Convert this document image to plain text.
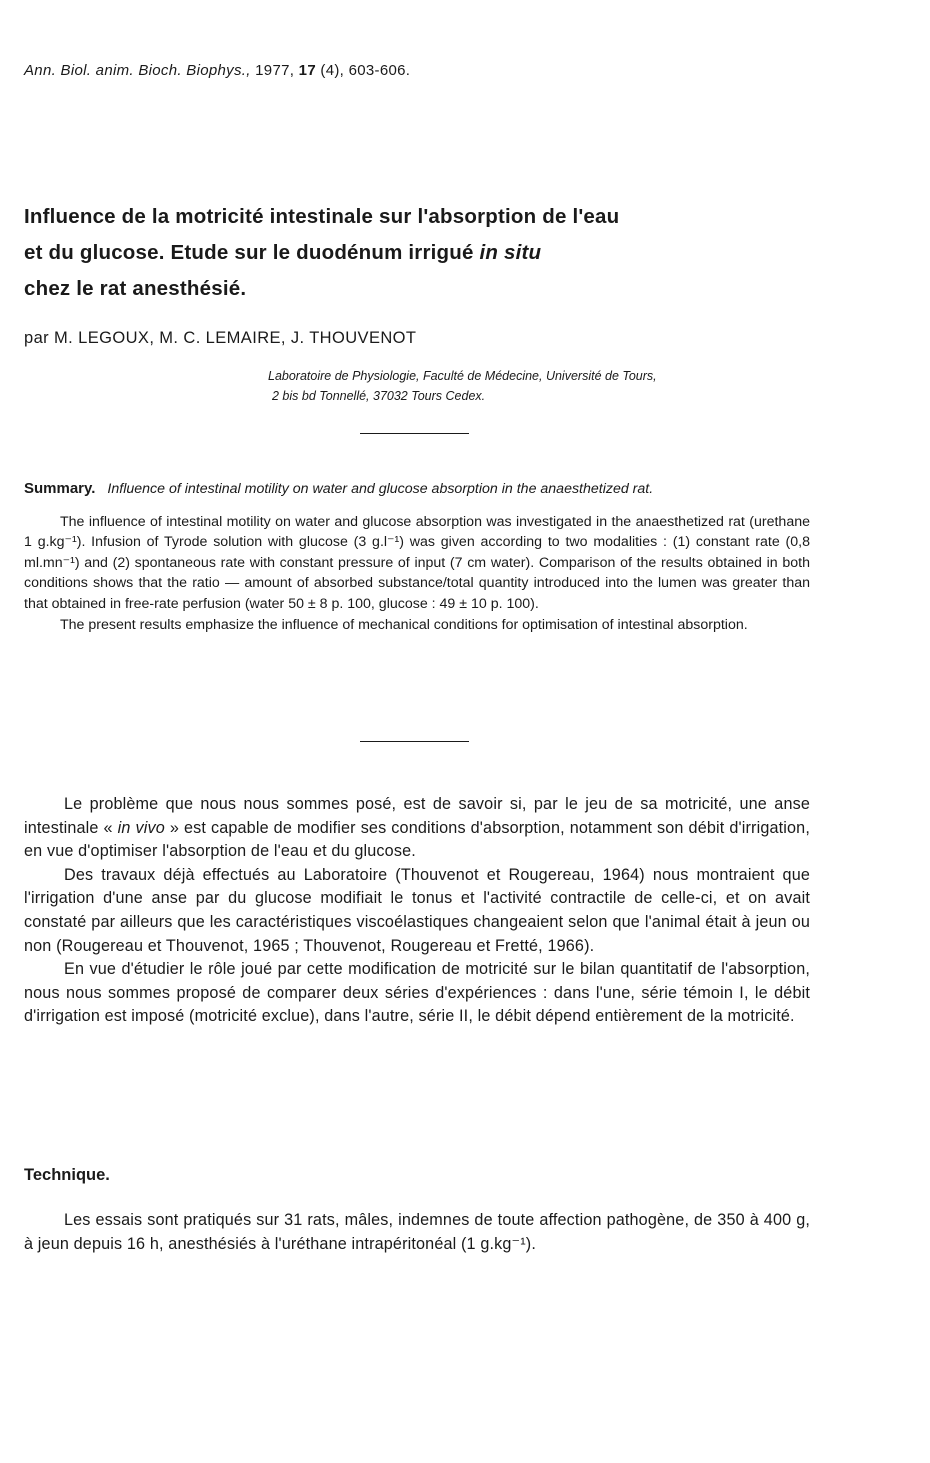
Ann. Biol. anim. Bioch. Biophys., 1977, 17 (4), 603-606.
Influence de la motricité intestinale sur l'absorption de l'eau
et du glucose. Etude sur le duodénum irrigué in situ
chez le rat anesthésié.
par M. LEGOUX, M. C. LEMAIRE, J. THOUVENOT
Laboratoire de Physiologie, Faculté de Médecine, Université de Tours,
2 bis bd Tonnellé, 37032 Tours Cedex.

Summary. Influence of intestinal motility on water and glucose absorption in the anaesthetized rat.

The influence of intestinal motility on water and glucose absorption was investigated in the anaesthetized rat (urethane 1 g.kg⁻¹). Infusion of Tyrode solution with glucose (3 g.l⁻¹) was given according to two modalities : (1) constant rate (0,8 ml.mn⁻¹) and (2) spontaneous rate with constant pressure of input (7 cm water). Comparison of the results obtained in both conditions shows that the ratio — amount of absorbed substance/total quantity introduced into the lumen was greater than that obtained in free-rate perfusion (water 50 ± 8 p. 100, glucose : 49 ± 10 p. 100).

The present results emphasize the influence of mechanical conditions for optimisation of intestinal absorption.

Le problème que nous nous sommes posé, est de savoir si, par le jeu de sa motricité, une anse intestinale « in vivo » est capable de modifier ses conditions d'absorption, notamment son débit d'irrigation, en vue d'optimiser l'absorption de l'eau et du glucose.

Des travaux déjà effectués au Laboratoire (Thouvenot et Rougereau, 1964) nous montraient que l'irrigation d'une anse par du glucose modifiait le tonus et l'activité contractile de celle-ci, et on avait constaté par ailleurs que les caractéristiques viscoélastiques changeaient selon que l'animal était à jeun ou non (Rougereau et Thouvenot, 1965 ; Thouvenot, Rougereau et Fretté, 1966).

En vue d'étudier le rôle joué par cette modification de motricité sur le bilan quantitatif de l'absorption, nous nous sommes proposé de comparer deux séries d'expériences : dans l'une, série témoin I, le débit d'irrigation est imposé (motricité exclue), dans l'autre, série II, le débit dépend entièrement de la motricité.

Technique.

Les essais sont pratiqués sur 31 rats, mâles, indemnes de toute affection pathogène, de 350 à 400 g, à jeun depuis 16 h, anesthésiés à l'uréthane intrapéritonéal (1 g.kg⁻¹).
